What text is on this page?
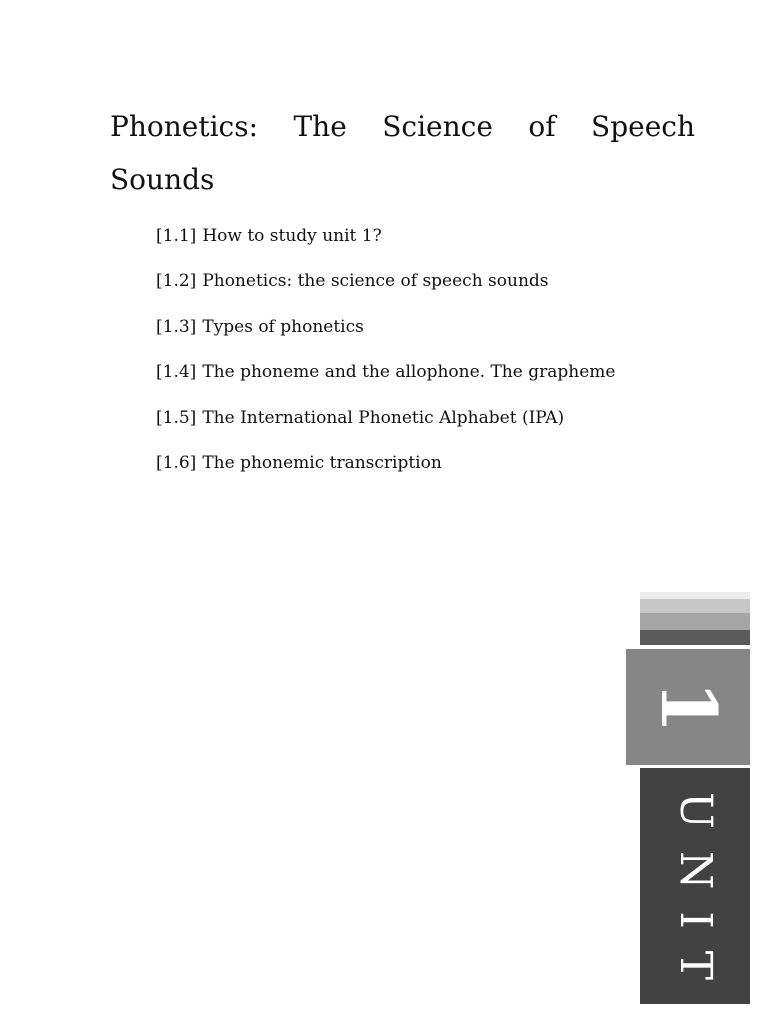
Phonetics: The Science of Speech Sounds
[1.1] How to study unit 1?
[1.2] Phonetics: the science of speech sounds
[1.3] Types of phonetics
[1.4] The phoneme and the allophone. The grapheme
[1.5] The International Phonetic Alphabet (IPA)
[1.6] The phonemic transcription
1
UNIT
